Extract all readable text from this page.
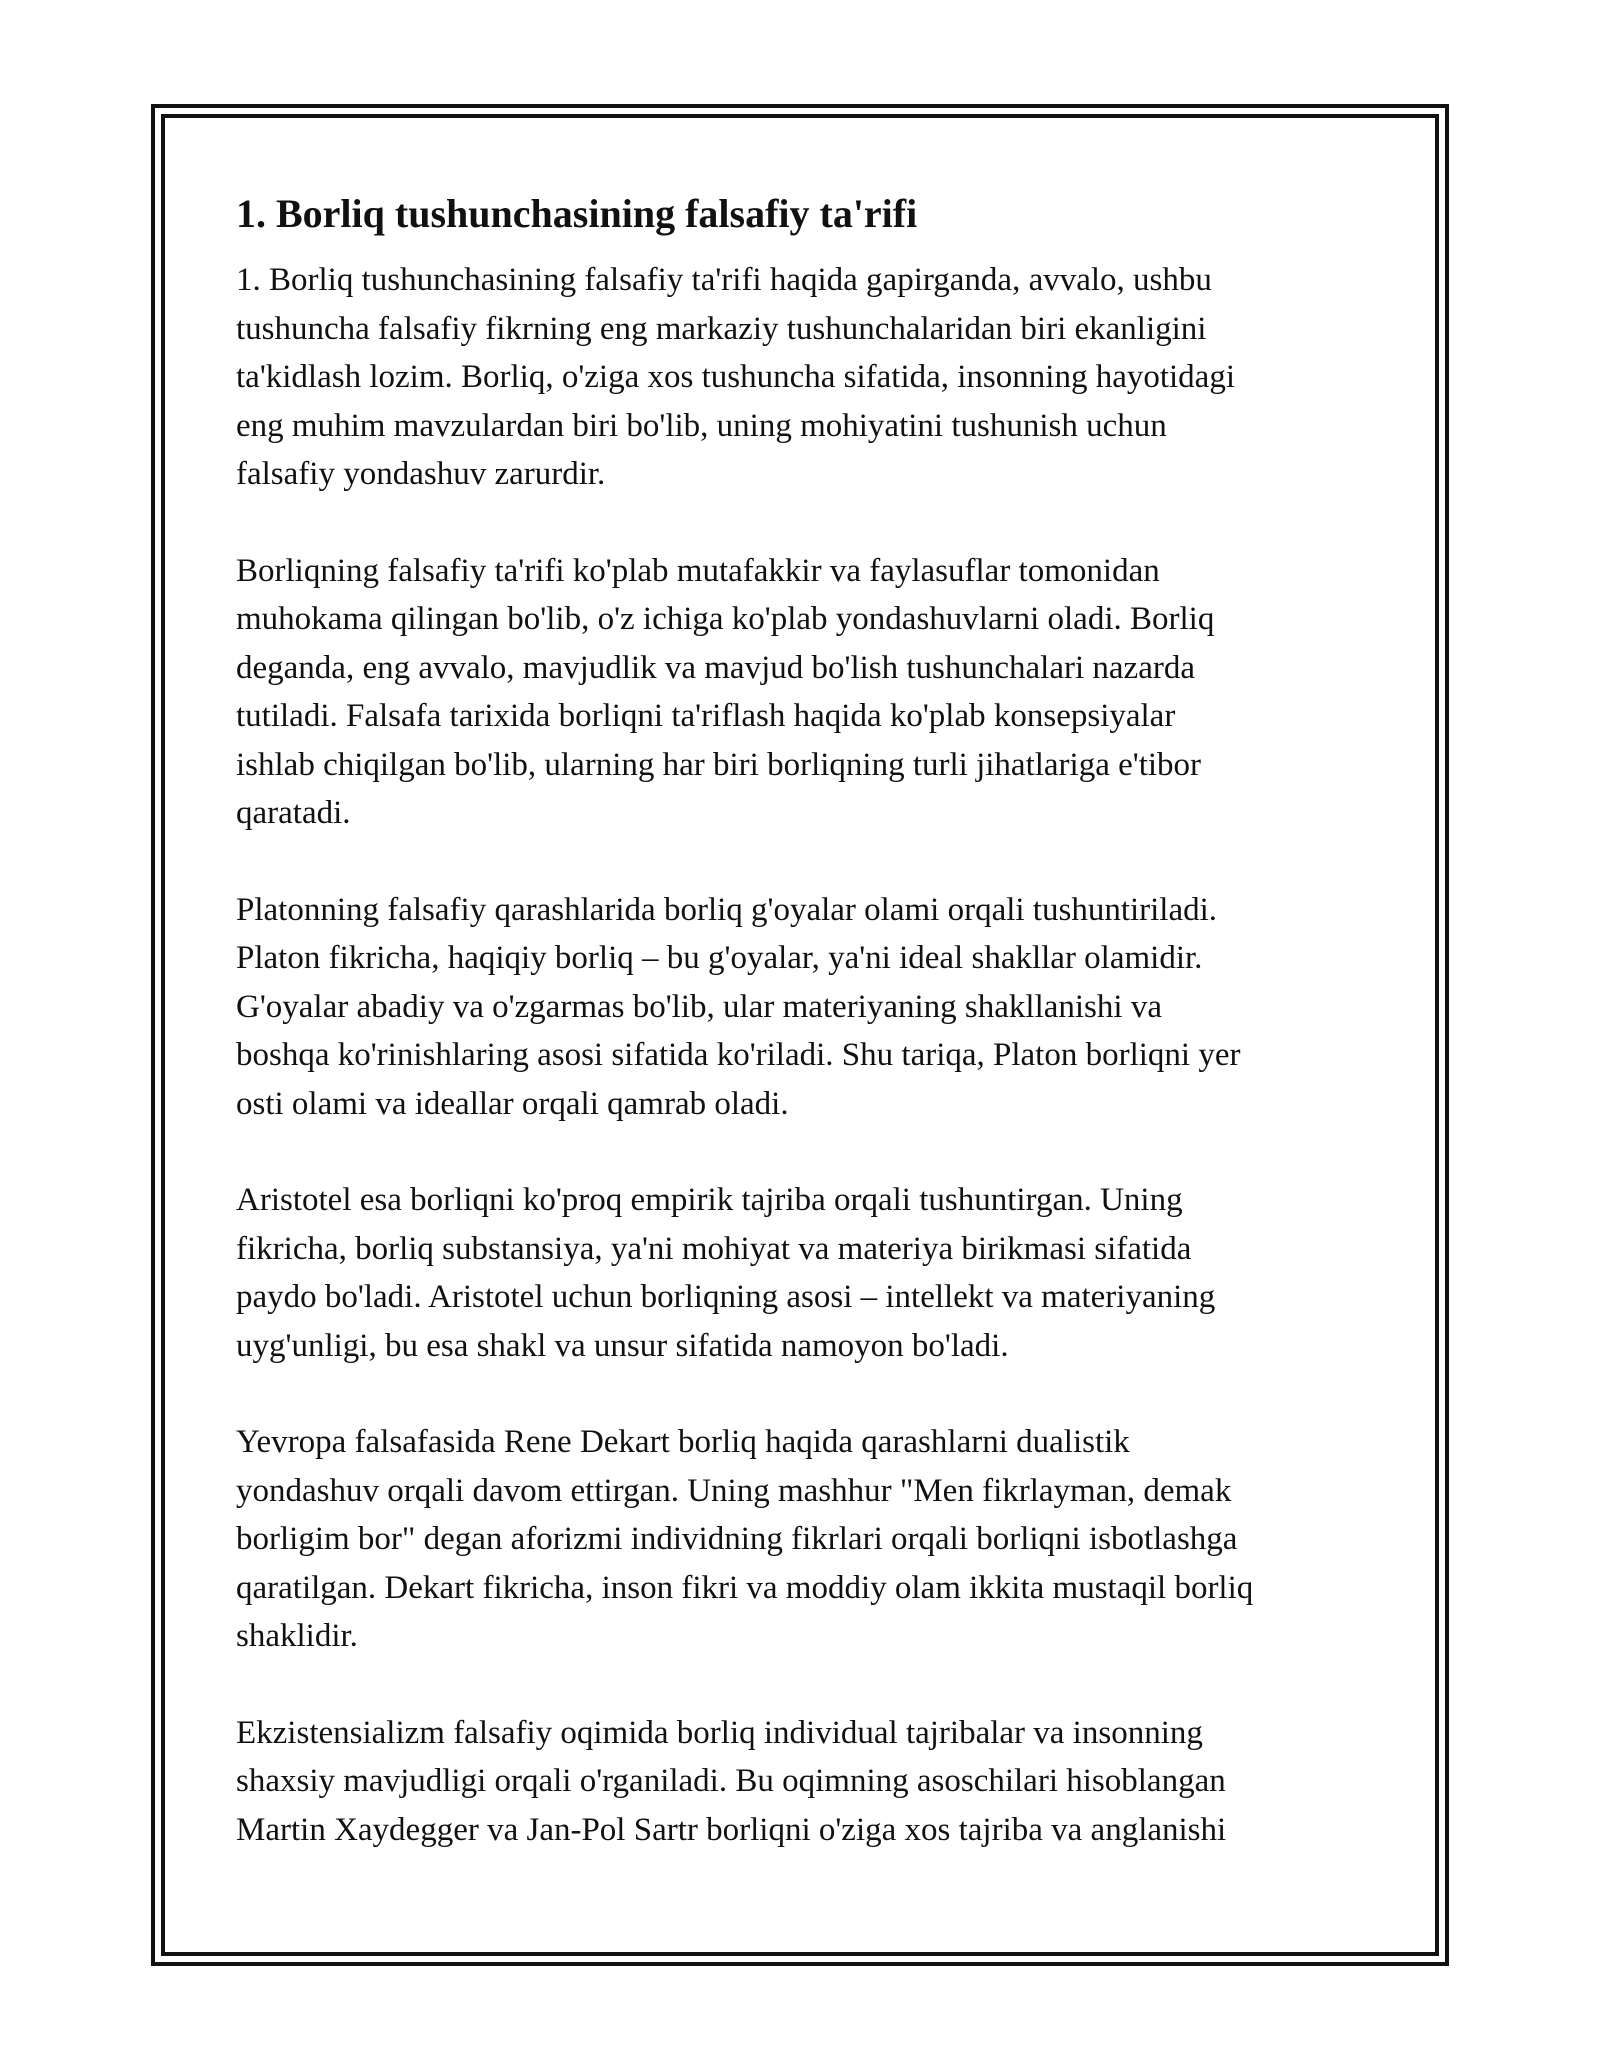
1. Borliq tushunchasining falsafiy ta'rifi

1. Borliq tushunchasining falsafiy ta'rifi haqida gapirganda, avvalo, ushbu
tushuncha falsafiy fikrning eng markaziy tushunchalaridan biri ekanligini
ta'kidlash lozim. Borliq, o'ziga xos tushuncha sifatida, insonning hayotidagi
eng muhim mavzulardan biri bo'lib, uning mohiyatini tushunish uchun
falsafiy yondashuv zarurdir.

Borliqning falsafiy ta'rifi ko'plab mutafakkir va faylasuflar tomonidan
muhokama qilingan bo'lib, o'z ichiga ko'plab yondashuvlarni oladi. Borliq
deganda, eng avvalo, mavjudlik va mavjud bo'lish tushunchalari nazarda
tutiladi. Falsafa tarixida borliqni ta'riflash haqida ko'plab konsepsiyalar
ishlab chiqilgan bo'lib, ularning har biri borliqning turli jihatlariga e'tibor
qaratadi.

Platonning falsafiy qarashlarida borliq g'oyalar olami orqali tushuntiriladi.
Platon fikricha, haqiqiy borliq – bu g'oyalar, ya'ni ideal shakllar olamidir.
G'oyalar abadiy va o'zgarmas bo'lib, ular materiyaning shakllanishi va
boshqa ko'rinishlaring asosi sifatida ko'riladi. Shu tariqa, Platon borliqni yer
osti olami va ideallar orqali qamrab oladi.

Aristotel esa borliqni ko'proq empirik tajriba orqali tushuntirgan. Uning
fikricha, borliq substansiya, ya'ni mohiyat va materiya birikmasi sifatida
paydo bo'ladi. Aristotel uchun borliqning asosi – intellekt va materiyaning
uyg'unligi, bu esa shakl va unsur sifatida namoyon bo'ladi.

Yevropa falsafasida Rene Dekart borliq haqida qarashlarni dualistik
yondashuv orqali davom ettirgan. Uning mashhur "Men fikrlayman, demak
borligim bor" degan aforizmi individning fikrlari orqali borliqni isbotlashga
qaratilgan. Dekart fikricha, inson fikri va moddiy olam ikkita mustaqil borliq
shaklidir.

Ekzistensializm falsafiy oqimida borliq individual tajribalar va insonning
shaxsiy mavjudligi orqali o'rganiladi. Bu oqimning asoschilari hisoblangan
Martin Xaydegger va Jan-Pol Sartr borliqni o'ziga xos tajriba va anglanishi
